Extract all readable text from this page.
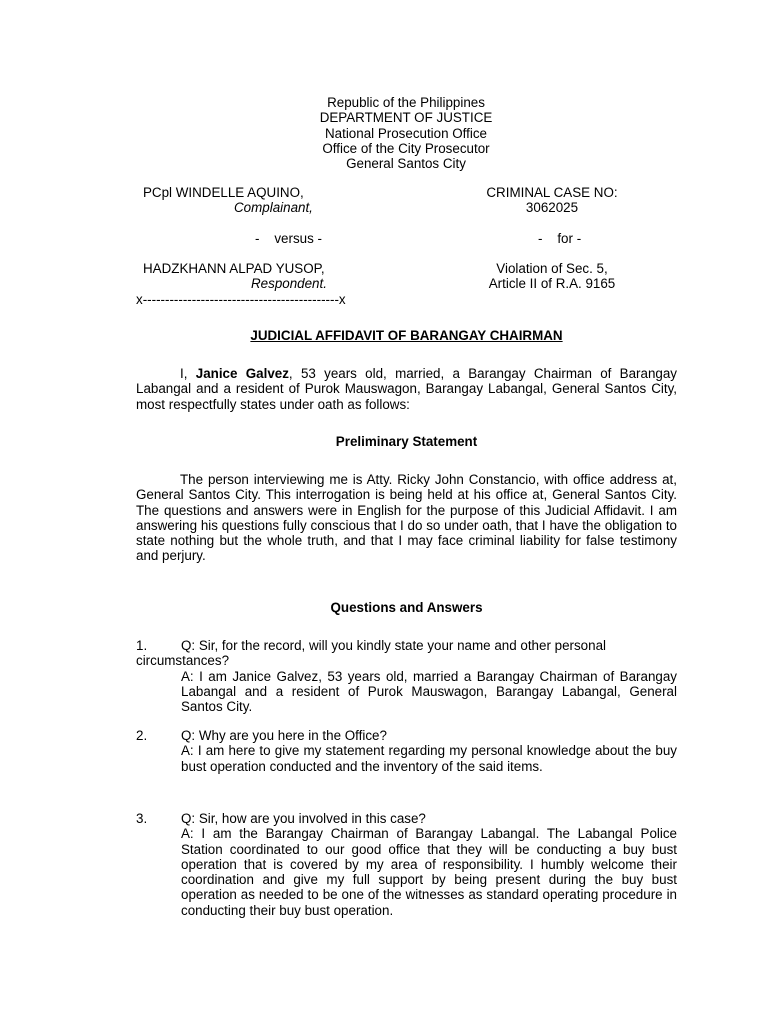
Republic of the Philippines
DEPARTMENT OF JUSTICE
National Prosecution Office
Office of the City Prosecutor
General Santos City
PCpl WINDELLE AQUINO,
Complainant,
-    versus -
HADZKHANN ALPAD YUSOP,
Respondent.
x--------------------------------------------x
CRIMINAL CASE NO:
3062025
-    for -
Violation of Sec. 5,
Article II of R.A. 9165
JUDICIAL AFFIDAVIT OF BARANGAY CHAIRMAN
I, Janice Galvez, 53 years old, married, a Barangay Chairman of Barangay Labangal and a resident of Purok Mauswagon, Barangay Labangal, General Santos City, most respectfully states under oath as follows:
Preliminary Statement
The person interviewing me is Atty. Ricky John Constancio, with office address at, General Santos City. This interrogation is being held at his office at, General Santos City. The questions and answers were in English for the purpose of this Judicial Affidavit. I am answering his questions fully conscious that I do so under oath, that I have the obligation to state nothing but the whole truth, and that I may face criminal liability for false testimony and perjury.
Questions and Answers
1.	Q: Sir, for the record, will you kindly state your name and other personal
circumstances?
A: I am Janice Galvez, 53 years old, married a Barangay Chairman of Barangay Labangal and a resident of Purok Mauswagon, Barangay Labangal, General Santos City.
2.	Q: Why are you here in the Office?
A: I am here to give my statement regarding my personal knowledge about the buy bust operation conducted and the inventory of the said items.
3.	Q: Sir, how are you involved in this case?
A: I am the Barangay Chairman of Barangay Labangal. The Labangal Police Station coordinated to our good office that they will be conducting a buy bust operation that is covered by my area of responsibility. I humbly welcome their coordination and give my full support by being present during the buy bust operation as needed to be one of the witnesses as standard operating procedure in conducting their buy bust operation.
